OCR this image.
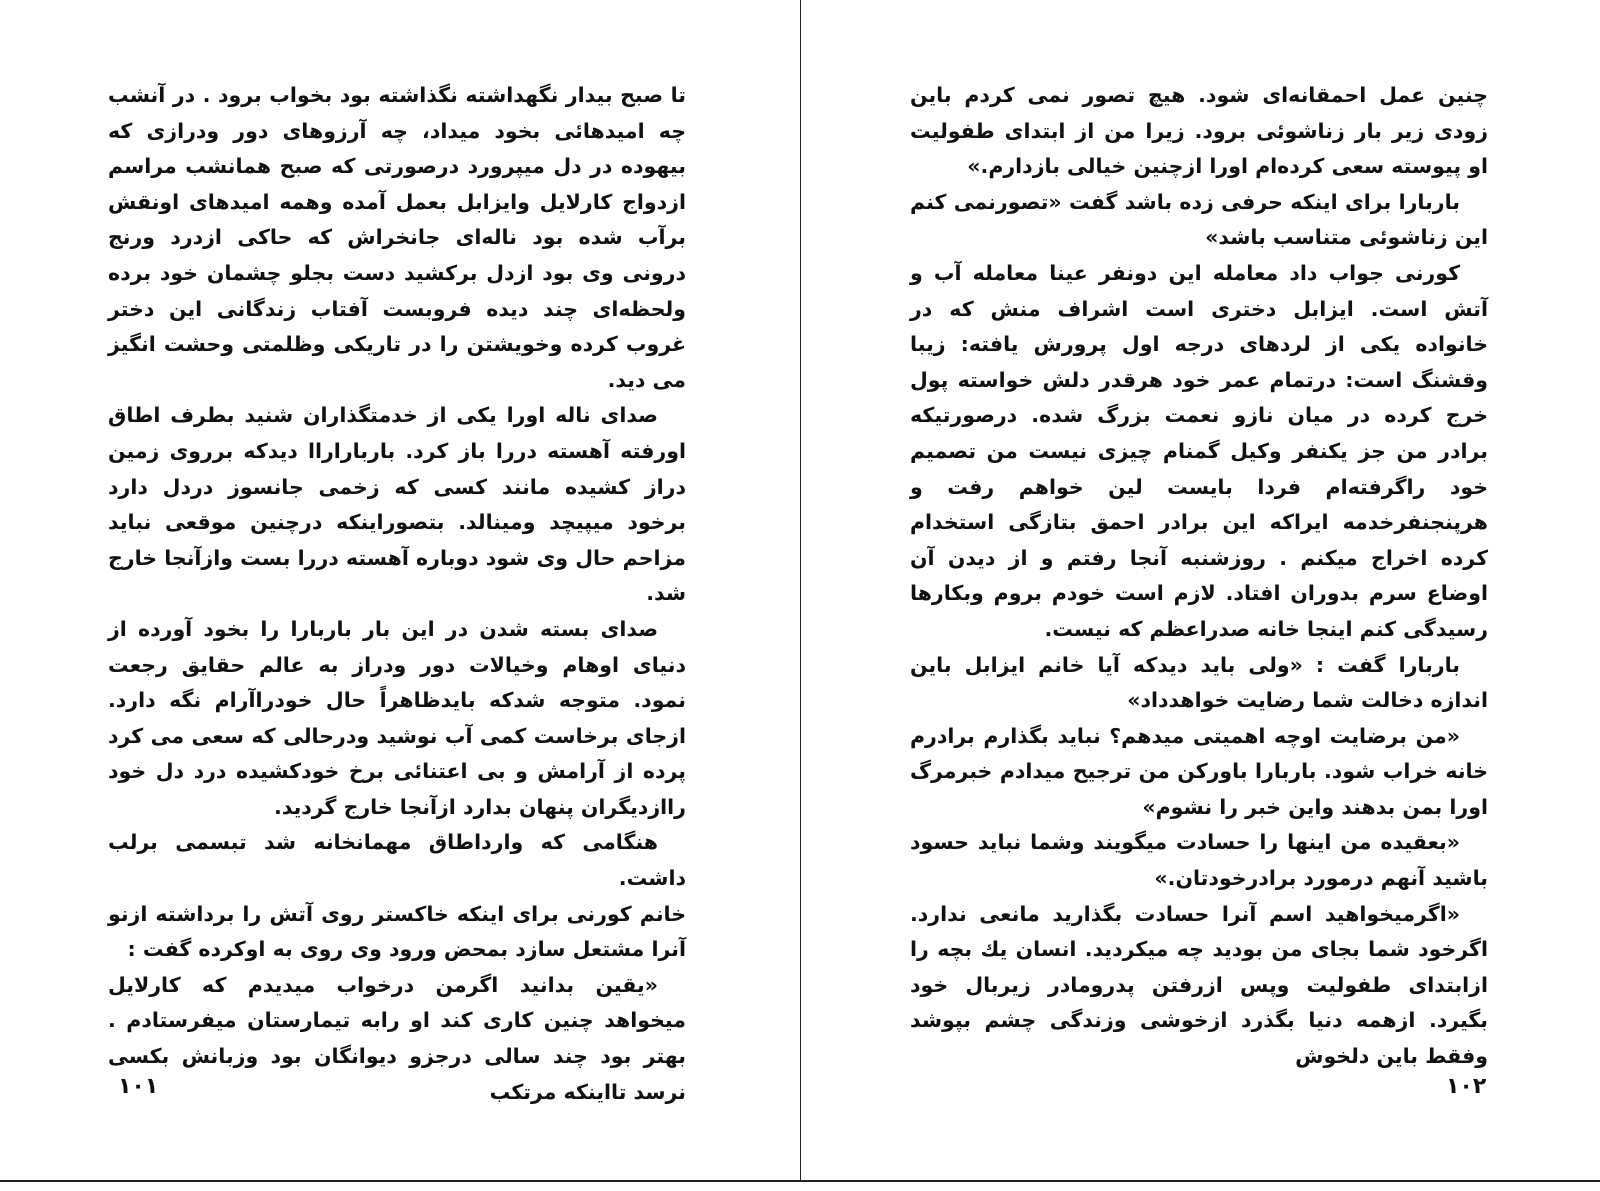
تا صبح بیدار نگهداشته نگذاشته بود بخواب برود . در آنشب چه امیدهائی بخود میداد، چه آرزوهای دور ودرازی که بیهوده در دل میپرورد درصورتی که صبح همانشب مراسم ازدواج کارلایل وایزابل بعمل آمده وهمه امیدهای اونقش برآب شده بود ناله‌ای جانخراش که حاکی ازدرد ورنج درونی وی بود ازدل برکشید دست بجلو چشمان خود برده ولحظه‌ای چند دیده فروبست آفتاب زندگانی این دختر غروب کرده وخویشتن را در تاریکی وظلمتی وحشت انگیز می دید.

صدای ناله اورا یکی از خدمتگذاران شنید بطرف اطاق اورفته آهسته دررا باز کرد. بارباراراا دیدکه برروی زمین دراز کشیده مانند کسی که زخمی جانسوز دردل دارد برخود میپیچد ومینالد. بتصوراینکه درچنین موقعی نباید مزاحم حال وی شود دوباره آهسته دررا بست وازآنجا خارج شد.

صدای بسته شدن در این بار باربارا را بخود آورده از دنیای اوهام وخیالات دور ودراز به عالم حقایق رجعت نمود. متوجه شدکه بایدظاهراً حال خودراآرام نگه دارد. ازجای برخاست کمی آب نوشید ودرحالی که سعی می کرد پرده از آرامش و بی اعتنائی برخ خودکشیده درد دل خود راازدیگران پنهان بدارد ازآنجا خارج گردید.

هنگامی که وارداطاق مهمانخانه شد تبسمی برلب داشت.

خانم کورنی برای اینکه خاکستر روی آتش را برداشته ازنو آنرا مشتعل سازد بمحض ورود وی روی به اوکرده گفت :

«یقین بدانید اگرمن درخواب میدیدم که کارلایل میخواهد چنین کاری کند او رابه تیمارستان میفرستادم . بهتر بود چند سالی درجزو دیوانگان بود وزبانش بکسی نرسد تااینکه مرتکب

۱۰۱

چنین عمل احمقانه‌ای شود. هیچ تصور نمی کردم باین زودی زیر بار زناشوئی برود. زیرا من از ابتدای طفولیت او پیوسته سعی کرده‌ام اورا ازچنین خیالی بازدارم.»

باربارا برای اینکه حرفی زده باشد گفت «تصورنمی کنم این زناشوئی متناسب باشد»

کورنی جواب داد معامله این دونفر عینا معامله آب و آتش است. ایزابل دختری است اشراف منش که در خانواده یکی از لردهای درجه اول پرورش یافته: زیبا وقشنگ است: درتمام عمر خود هرقدر دلش خواسته پول خرج کرده در میان نازو نعمت بزرگ شده. درصورتیکه برادر من جز یکنفر وکیل گمنام چیزی نیست من تصمیم خود راگرفته‌ام فردا بایست لین خواهم رفت و هرپنجنفرخدمه ایراکه این برادر احمق بتازگی استخدام کرده اخراج میکنم . روزشنبه آنجا رفتم و از دیدن آن اوضاع سرم بدوران افتاد. لازم است خودم بروم وبکارها رسیدگی کنم اینجا خانه صدراعظم که نیست.

باربارا گفت : «ولی باید دیدکه آیا خانم ایزابل باین اندازه دخالت شما رضایت خواهدداد»

«من برضایت اوچه اهمیتی میدهم؟ نباید بگذارم برادرم خانه خراب شود. باربارا باورکن من ترجیح میدادم خبرمرگ اورا بمن بدهند واین خبر را نشوم»

«بعقیده من اینها را حسادت میگویند وشما نباید حسود باشید آنهم درمورد برادرخودتان.»

«اگرمیخواهید اسم آنرا حسادت بگذارید مانعی ندارد. اگرخود شما بجای من بودید چه میکردید. انسان یك بچه را ازابتدای طفولیت وپس ازرفتن پدرومادر زیربال خود بگیرد. ازهمه دنیا بگذرد ازخوشی وزندگی چشم بپوشد وفقط باین دلخوش

۱۰۲
